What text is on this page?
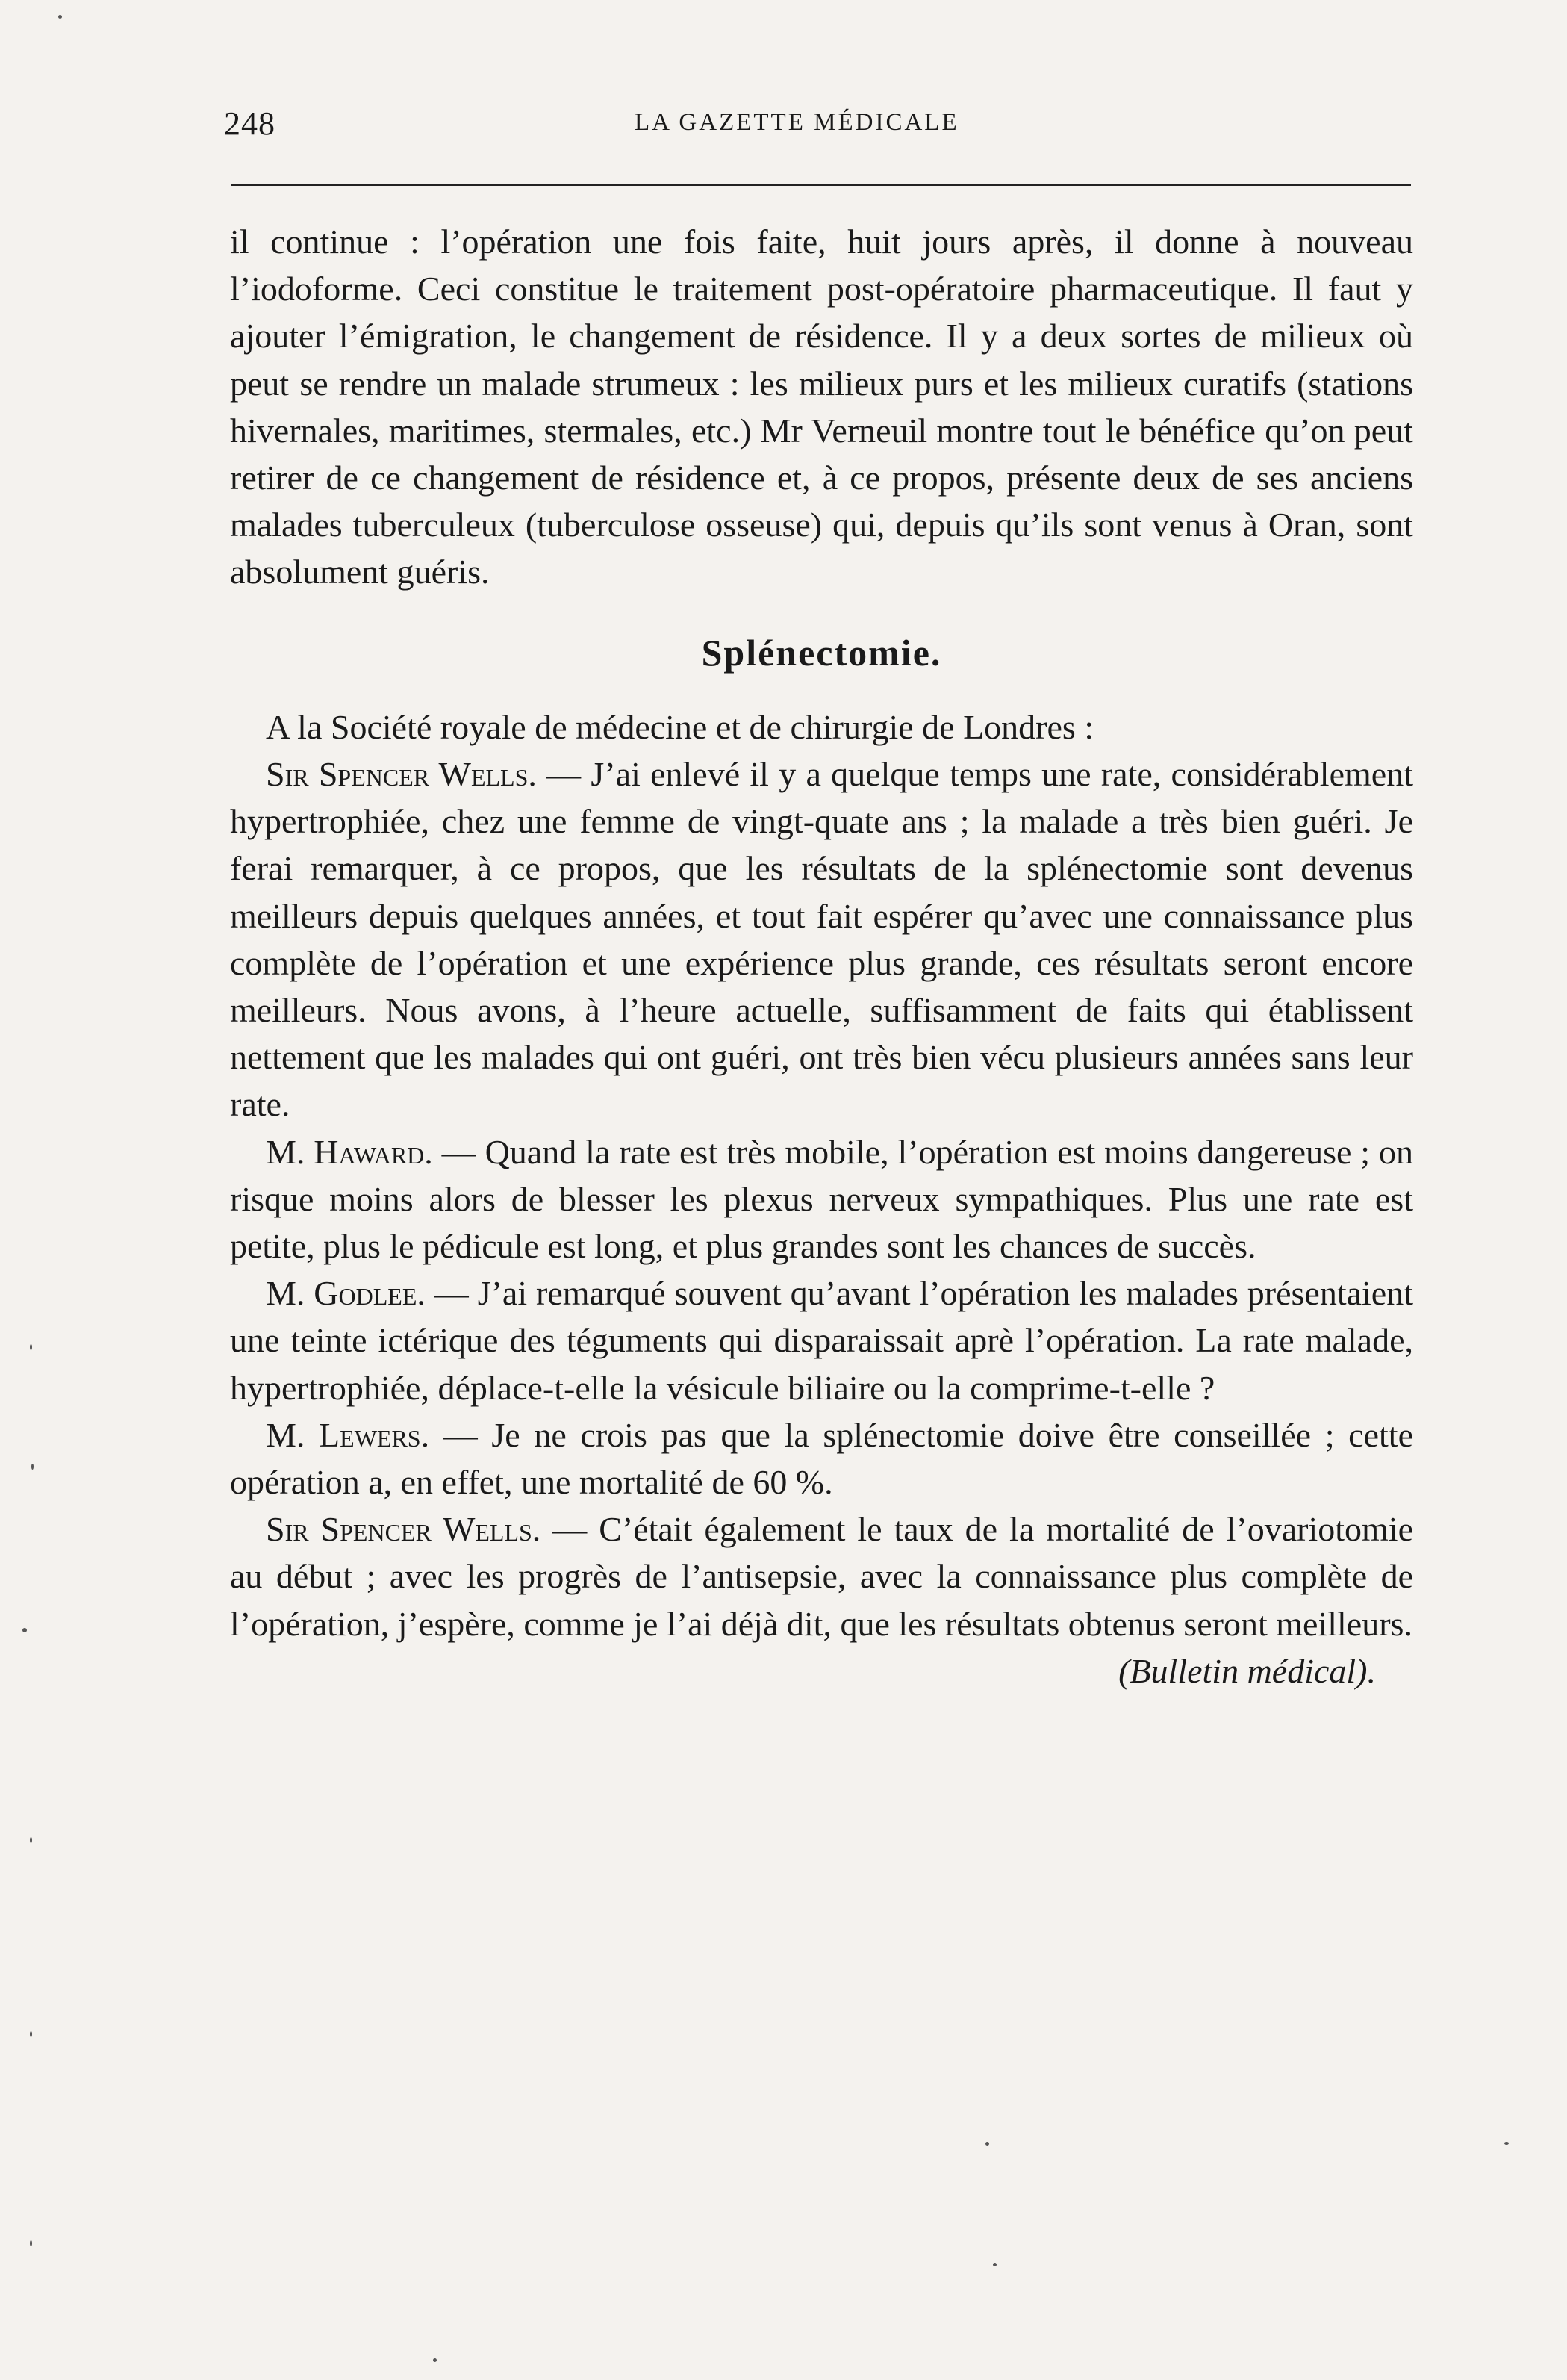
248	LA GAZETTE MÉDICALE

il continue : l’opération une fois faite, huit jours après, il donne à nouveau l’iodoforme. Ceci constitue le traitement post-opératoire pharmaceutique. Il faut y ajouter l’émigration, le changement de résidence. Il y a deux sortes de milieux où peut se rendre un malade strumeux : les milieux purs et les milieux curatifs (stations hivernales, maritimes, stermales, etc.) Mr Verneuil montre tout le bénéfice qu’on peut retirer de ce changement de résidence et, à ce propos, présente deux de ses anciens malades tuberculeux (tuberculose osseuse) qui, depuis qu’ils sont venus à Oran, sont absolument guéris.

Splénectomie.

A la Société royale de médecine et de chirurgie de Londres :

Sir Spencer Wells. — J’ai enlevé il y a quelque temps une rate, considérablement hypertrophiée, chez une femme de vingt-quate ans ; la malade a très bien guéri. Je ferai remarquer, à ce propos, que les résultats de la splénectomie sont devenus meilleurs depuis quelques années, et tout fait espérer qu’avec une connaissance plus complète de l’opération et une expérience plus grande, ces résultats seront encore meilleurs. Nous avons, à l’heure actuelle, suffisamment de faits qui établissent nettement que les malades qui ont guéri, ont très bien vécu plusieurs années sans leur rate.

M. Haward. — Quand la rate est très mobile, l’opération est moins dangereuse ; on risque moins alors de blesser les plexus nerveux sympathiques. Plus une rate est petite, plus le pédicule est long, et plus grandes sont les chances de succès.

M. Godlee. — J’ai remarqué souvent qu’avant l’opération les malades présentaient une teinte ictérique des téguments qui disparaissait aprè l’opération. La rate malade, hypertrophiée, déplace-t-elle la vésicule biliaire ou la comprime-t-elle ?

M. Lewers. — Je ne crois pas que la splénectomie doive être conseillée ; cette opération a, en effet, une mortalité de 60 %.

Sir Spencer Wells. — C’était également le taux de la mortalité de l’ovariotomie au début ; avec les progrès de l’antisepsie, avec la connaissance plus complète de l’opération, j’espère, comme je l’ai déjà dit, que les résultats obtenus seront meilleurs.

(Bulletin médical).
